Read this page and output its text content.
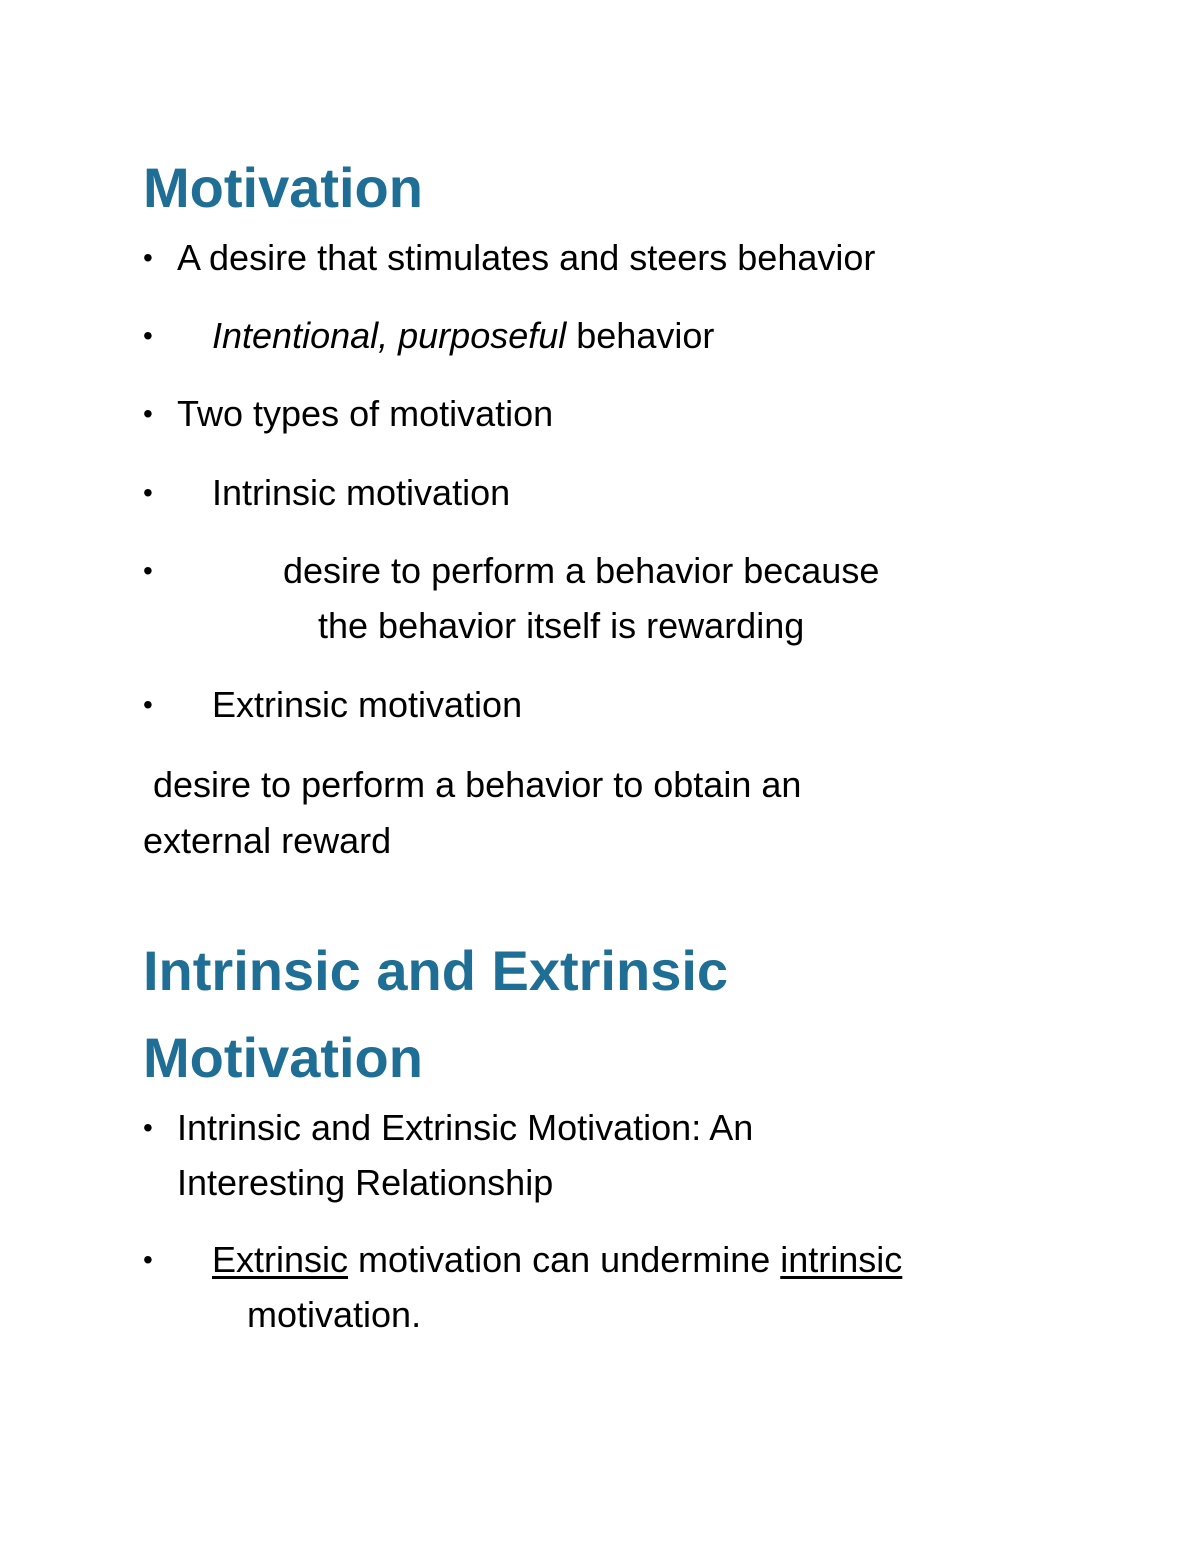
Motivation
• A desire that stimulates and steers behavior

• Intentional, purposeful behavior

• Two types of motivation

• Intrinsic motivation

•	desire to perform a behavior because

the behavior itself is rewarding

• Extrinsic motivation

desire to perform a behavior to obtain an

external reward

Intrinsic and Extrinsic
Motivation
• Intrinsic and Extrinsic Motivation: An

Interesting Relationship

• Extrinsic motivation can undermine intrinsic

motivation.
